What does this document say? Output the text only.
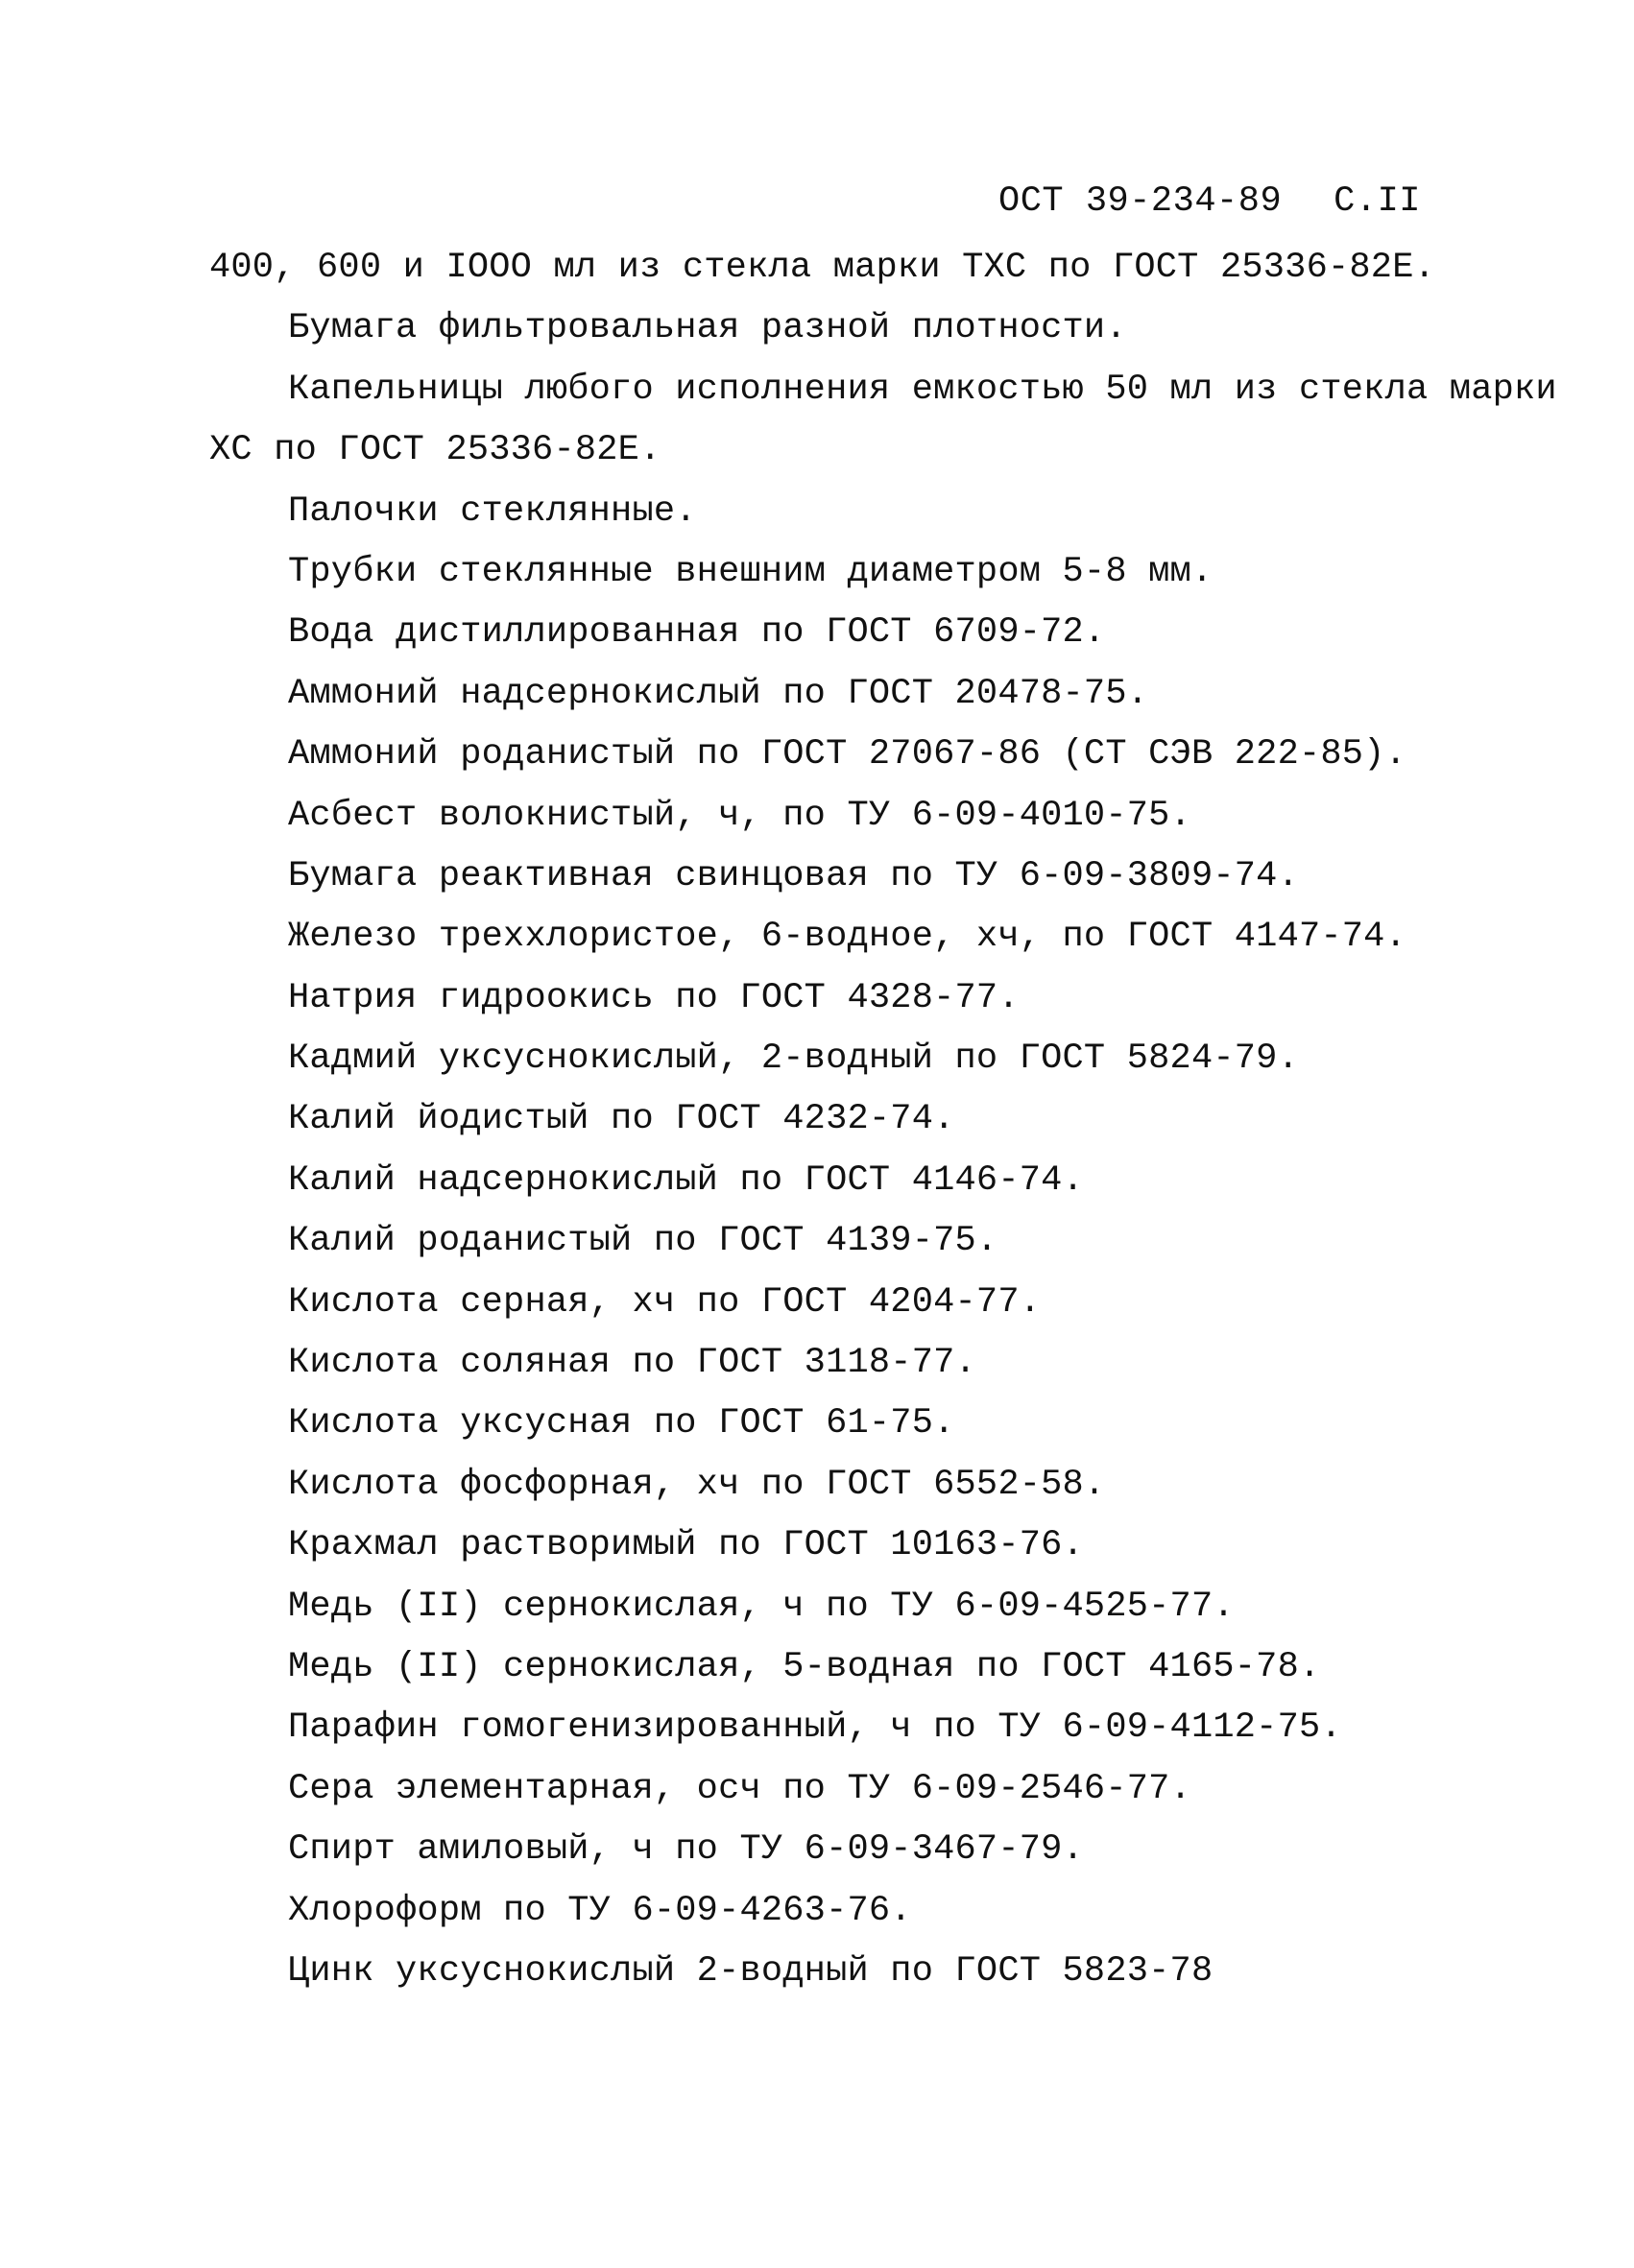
ОСТ 39-234-89 С.II
400, 600 и IOOO мл из стекла марки ТХС по ГОСТ 25336-82Е.
Бумага фильтровальная разной плотности.
Капельницы любого исполнения емкостью 50 мл из стекла марки
ХС по ГОСТ 25336-82Е.
Палочки стеклянные.
Трубки стеклянные внешним диаметром 5-8 мм.
Вода дистиллированная по ГОСТ 6709-72.
Аммоний надсернокислый по ГОСТ 20478-75.
Аммоний роданистый по ГОСТ 27067-86 (СТ СЭВ 222-85).
Асбест волокнистый, ч, по ТУ 6-09-4010-75.
Бумага реактивная свинцовая по ТУ 6-09-3809-74.
Железо треххлористое, 6-водное, хч, по ГОСТ 4147-74.
Натрия гидроокись по ГОСТ 4328-77.
Кадмий уксуснокислый, 2-водный по ГОСТ 5824-79.
Калий йодистый по ГОСТ 4232-74.
Калий надсернокислый по ГОСТ 4146-74.
Калий роданистый по ГОСТ 4139-75.
Кислота серная, хч по ГОСТ 4204-77.
Кислота соляная по ГОСТ 3118-77.
Кислота уксусная по ГОСТ 61-75.
Кислота фосфорная, хч по ГОСТ 6552-58.
Крахмал растворимый по ГОСТ 10163-76.
Медь (II) сернокислая, ч по ТУ 6-09-4525-77.
Медь (II) сернокислая, 5-водная по ГОСТ 4165-78.
Парафин гомогенизированный, ч по ТУ 6-09-4112-75.
Сера элементарная, осч по ТУ 6-09-2546-77.
Спирт амиловый, ч по ТУ 6-09-3467-79.
Хлороформ по ТУ 6-09-4263-76.
Цинк уксуснокислый 2-водный по ГОСТ 5823-78
